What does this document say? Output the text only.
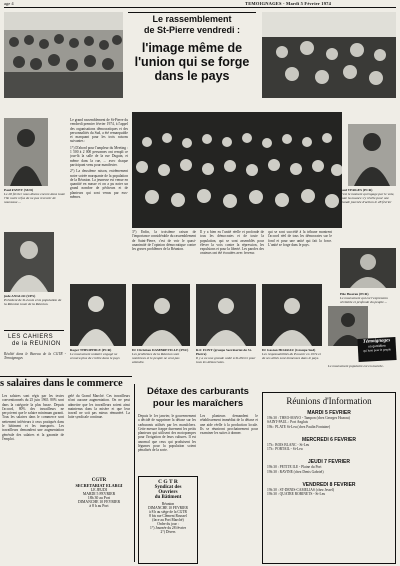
age 4	TEMOIGNAGES - Mardi 5 Février 1974
Le rassemblement
de St-Pierre vendredi :
l'image même de
l'union qui se forge
dans le pays
Paul FAYET (SUD)
Le 28 février nous disons encore dans toute l'île notre refus de ne pas recevoir de nouveaux ...

Le grand rassemblement de St-Pierre du vendredi premier février 1974, à l'appel des organisations démocratiques et des personnalités du Sud, a été remarquable et marquant pour les trois raisons suivantes :

1°) D'abord pour l'ampleur du Meeting : 1 500 à 2 000 personnes ont rempli ce jour-là la salle de la rue Dugain, et même dans la rue, ... avec chaque participant venu pour manifester.

2°) La deuxième raison, extrêmement notre soirée marquante de la population de la Réunion. La jeunesse est venue en quantité en masse et on a pu noter un grand nombre de pêcheurs et de planteurs qui sont venus par eux-mêmes.

Paul VERGES (PCR)
C'est le moment qu'engage par le vote, toute la nuance s'y révèle pour une grande journée d'action le 28 février
3°) Enfin, la troisième raison de l'importance considérable du rassemblement de Saint-Pierre, c'est de voir le quasi-unanimité de l'opinion démocratique contre les graves problèmes de la Réunion.
Il y a bien eu l'unité réelle et profonde de tous les démocrates et de toute la population, qui se sont assemblés pour élever la voix contre la répression, les expulsions et pour la liberté. Les paroles des orateurs ont été écoutées avec ferveur.
qui se sont succédé à la tribune montrent l'accord réel de tous les démocrates sur le fond et pour une unité qui fait la force. L'unité se forge dans le pays.
jude ANGLIO (UPS)
Président de St-Louis et la population de la Réunion toute de la Réunion.
Elie Hoarau (PCR)
Le mouvement qui est l'expression véritable et profonde du peuple ...
Roger THEOPHILE (PCR)
Le mouvement unitaire engagé ne cessera plus de croître dans le pays
Dr Christian DAMBREVILLE (PSU)
Les problèmes de la Réunion sont nombreux et le peuple ne veut pas attendre.
R.F. FONT (groupe Secrétariat de St-Pierre)
Il y a eu une grande unité à St-Pierre pour tous les démocrates.
Dr Gaston HOARAU (Groupe Sud)
Les responsabilités du Pouvoir en 1974 et de ses alliés sont immenses dans le pays.
Témoignages
un quotidien
qui lutte pour le peuple
Le mouvement populaire est en marche.
LES CAHIERS
de la REUNION
Réalité dans le Bureau de la CGTR - Temoignages
s salaires dans le commerce
Les salaires sont régis par les textes conventionnels du 25 juin 1965. 80% sont dans la catégorie la plus basse. Depuis l'accord, 80% des travailleurs ne perçoivent que le salaire minimum garanti. Tous les salaires dans le commerce sont nettement inférieurs à ceux pratiqués dans le bâtiment et les transports. Les travailleurs demandent une augmentation générale des salaires et la garantie de l'emploi.
gelé du Grand Marché. Ces travailleurs n'ont aucune augmentation. On ne peut admettre que les travailleurs soient ainsi maintenus dans la misère et que leur travail ne soit pas mieux rémunéré. La lutte syndicale continue.
CGTR
SECRETARIAT ELARGI
LE JEUDI
MARDI 5 FEVRIER
18h 30 au Port
DIMANCHE 10 FEVRIER
à 8 h au Port
Détaxe des carburants
pour les maraîchers
Depuis le 1er janvier, le gouvernement a décidé de supprimer la détaxe sur les carburants utilisés par les maraîchers. Cette mesure frappe durement les petits planteurs qui utilisent des motopompes pour l'irrigation de leurs cultures. Il est anormal que ceux qui produisent les légumes pour la population soient pénalisés de la sorte.
Les planteurs demandent le rétablissement immédiat de la détaxe et une aide réelle à la production locale. Ils se réuniront prochainement pour examiner les suites à donner.
C G T R
Syndicat des
Ouvriers
du Bâtiment
Réunion
DIMANCHE 10 FEVRIER
à 8 h au siège de la CGTR
8 bis rue Clément Roussel
(face au Port Marché)
Ordre du jour :
1°) Journée du 28 février
2°) Divers
Réunions d'Information
MARDI 5 FEVRIER
19h 30 : THEO-MAYO - Tampon (chez Georges Hoarau)
SAINT-PAUL : Port Anglais
19h : PLATE St-Leu (chez Paulin Fontaine)
MERCREDI 6 FEVRIER
17h : BOIS BLANC - St-Leu
17h : PORTAIL - St-Leu
JEUDI 7 FEVRIER
19h 30 : PETITE ILE - Plaine du Port
19h 30 : RAVINE (chez Denis Gabriel)
VENDREDI 8 FEVRIER
19h 30 : ST-DENIS-CAMELIAS (chez Jessel)
19h 30 : QUATRE ROBINETS - St-Leu
